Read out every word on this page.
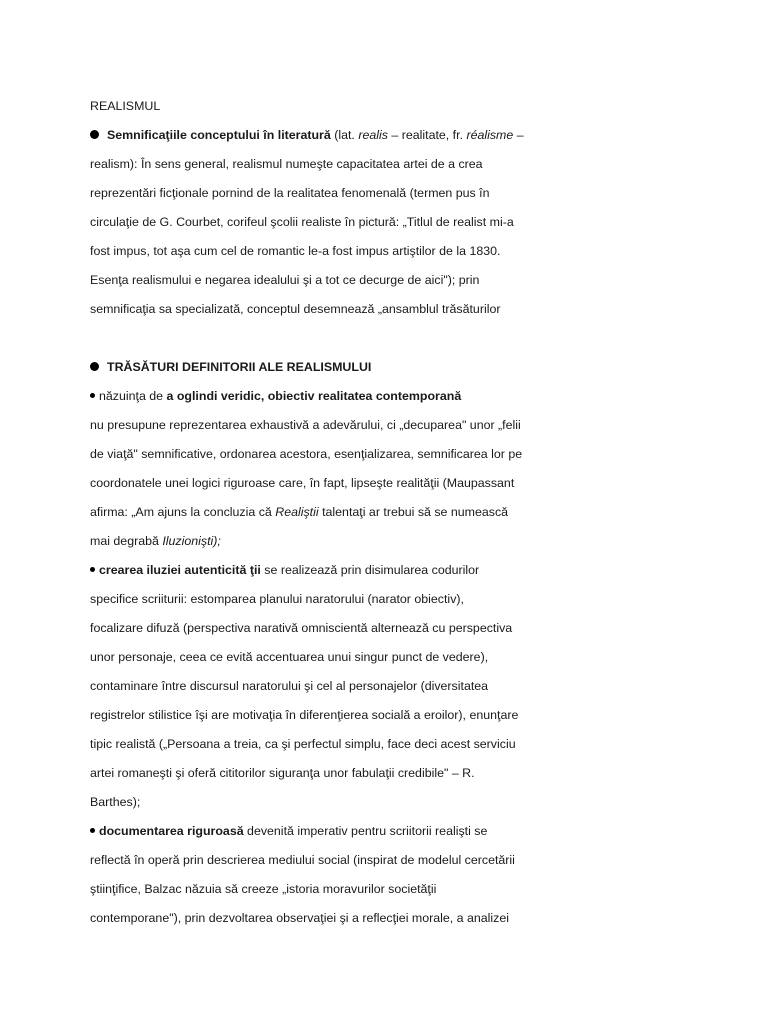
REALISMUL
Semnificaţiile conceptului în literatură (lat. realis – realitate, fr. réalisme –
realism): În sens general, realismul numeşte capacitatea artei de a crea
reprezentări ficţionale pornind de la realitatea fenomenală (termen pus în
circulaţie de G. Courbet, corifeul şcolii realiste în pictură: „Titlul de realist mi-a
fost impus, tot aşa cum cel de romantic le-a fost impus artiştilor de la 1830.
Esenţa realismului e negarea idealului şi a tot ce decurge de aici"); prin
semnificaţia sa specializată, conceptul desemnează „ansamblul trăsăturilor
TRĂSĂTURI DEFINITORII ALE REALISMULUI
năzuinţa de a oglindi veridic, obiectiv realitatea contemporană
nu presupune reprezentarea exhaustivă a adevărului, ci „decuparea" unor „felii
de viaţă" semnificative, ordonarea acestora, esenţializarea, semnificarea lor pe
coordonatele unei logici riguroase care, în fapt, lipseşte realităţii (Maupassant
afirma: „Am ajuns la concluzia că Realiştii talentaţi ar trebui să se numească
mai degrabă Iluzionişti);
crearea iluziei autenticită ţii se realizează prin disimularea codurilor
specifice scriiturii: estomparea planului naratorului (narator obiectiv),
focalizare difuză (perspectiva narativă omniscientă alternează cu perspectiva
unor personaje, ceea ce evită accentuarea unui singur punct de vedere),
contaminare între discursul naratorului şi cel al personajelor (diversitatea
registrelor stilistice îşi are motivaţia în diferenţierea socială a eroilor), enunţare
tipic realistă („Persoana a treia, ca şi perfectul simplu, face deci acest serviciu
artei romaneşti şi oferă cititorilor siguranţa unor fabulaţii credibile" – R.
Barthes);
documentarea riguroasă devenită imperativ pentru scriitorii realişti se
reflectă în operă prin descrierea mediului social (inspirat de modelul cercetării
ştiinţifice, Balzac năzuia să creeze „istoria moravurilor societăţii
contemporane"), prin dezvoltarea observaţiei şi a reflecţiei morale, a analizei
